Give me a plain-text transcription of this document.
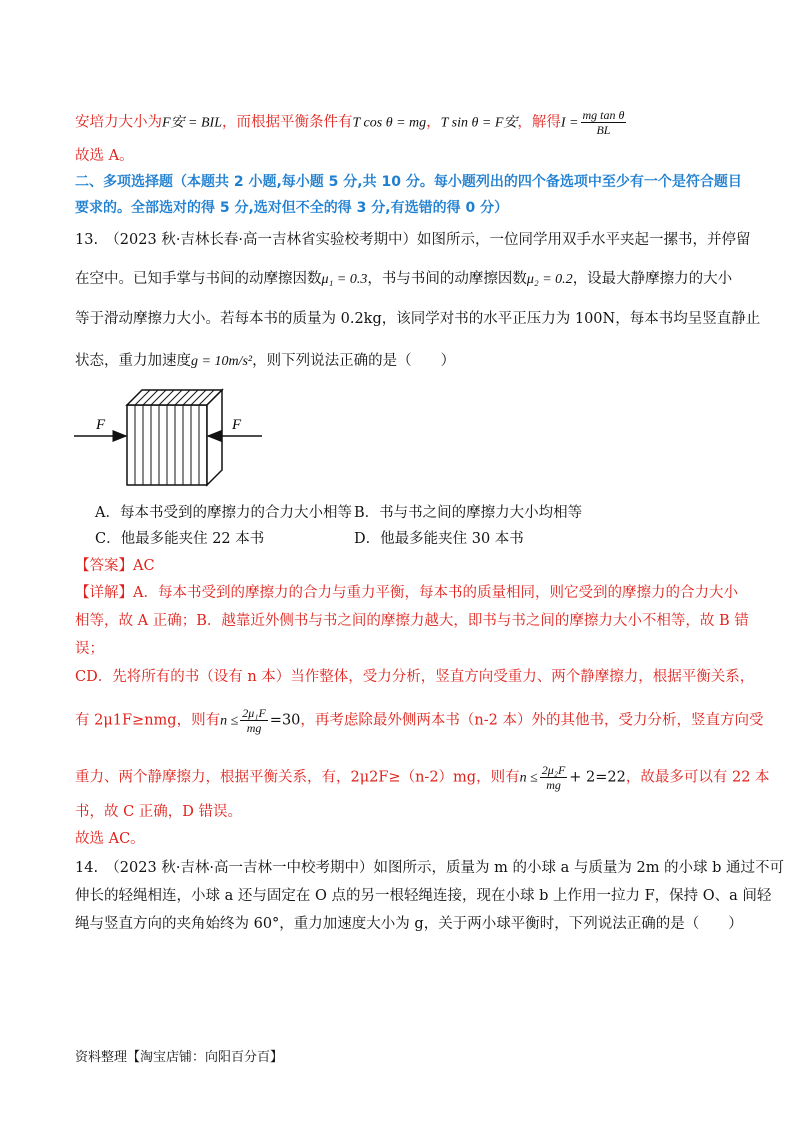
安培力大小为F安 = BIL，而根据平衡条件有T cos θ = mg，T sin θ = F安，解得$I = \frac{\text{mg tan θ}}{BL}$
故选 A。
二、多项选择题（本题共 2 小题,每小题 5 分,共 10 分。每小题列出的四个备选项中至少有一个是符合题目
要求的。全部选对的得 5 分,选对但不全的得 3 分,有选错的得 0 分）
13.　（2023 秋·吉林长春·高一吉林省实验校考期中）如图所示，一位同学用双手水平夹起一摞书，并停留
在空中。已知手掌与书间的动摩擦因数μ₁ = 0.3，书与书间的动摩擦因数μ₂ = 0.2，设最大静摩擦力的大小
等于滑动摩擦力大小。若每本书的质量为 0.2kg，该同学对书的水平正压力为 100N，每本书均呈竖直静止
状态，重力加速度g = 10m/s²，则下列说法正确的是（　　）
F	F
A．每本书受到的摩擦力的合力大小相等 B．书与书之间的摩擦力大小均相等
C．他最多能夹住 22 本书	D．他最多能夹住 30 本书
【答案】AC
【详解】A．每本书受到的摩擦力的合力与重力平衡，每本书的质量相同，则它受到的摩擦力的合力大小
相等，故 A 正确；B．越靠近外侧书与书之间的摩擦力越大，即书与书之间的摩擦力大小不相等，故 B 错
误；
CD．先将所有的书（设有 n 本）当作整体，受力分析，竖直方向受重力、两个静摩擦力，根据平衡关系，
有 2μ1F≥nmg，则有$n \le \frac{\text{2μ₁F}}{mg} =30$，再考虑除最外侧两本书（n-2 本）外的其他书，受力分析，竖直方向受
重力、两个静摩擦力，根据平衡关系，有，2μ2F≥（n-2）mg，则有$n \le \frac{\text{2μ₂F}}{mg} + 2=22$，故最多可以有 22 本
书，故 C 正确，D 错误。
故选 AC。
14.　（2023 秋·吉林·高一吉林一中校考期中）如图所示，质量为 m 的小球 a 与质量为 2m 的小球 b 通过不可
伸长的轻绳相连，小球 a 还与固定在 O 点的另一根轻绳连接，现在小球 b 上作用一拉力 F，保持 O、a 间轻
绳与竖直方向的夹角始终为 60°，重力加速度大小为 g，关于两小球平衡时，下列说法正确的是（　　）
资料整理【淘宝店铺：向阳百分百】
